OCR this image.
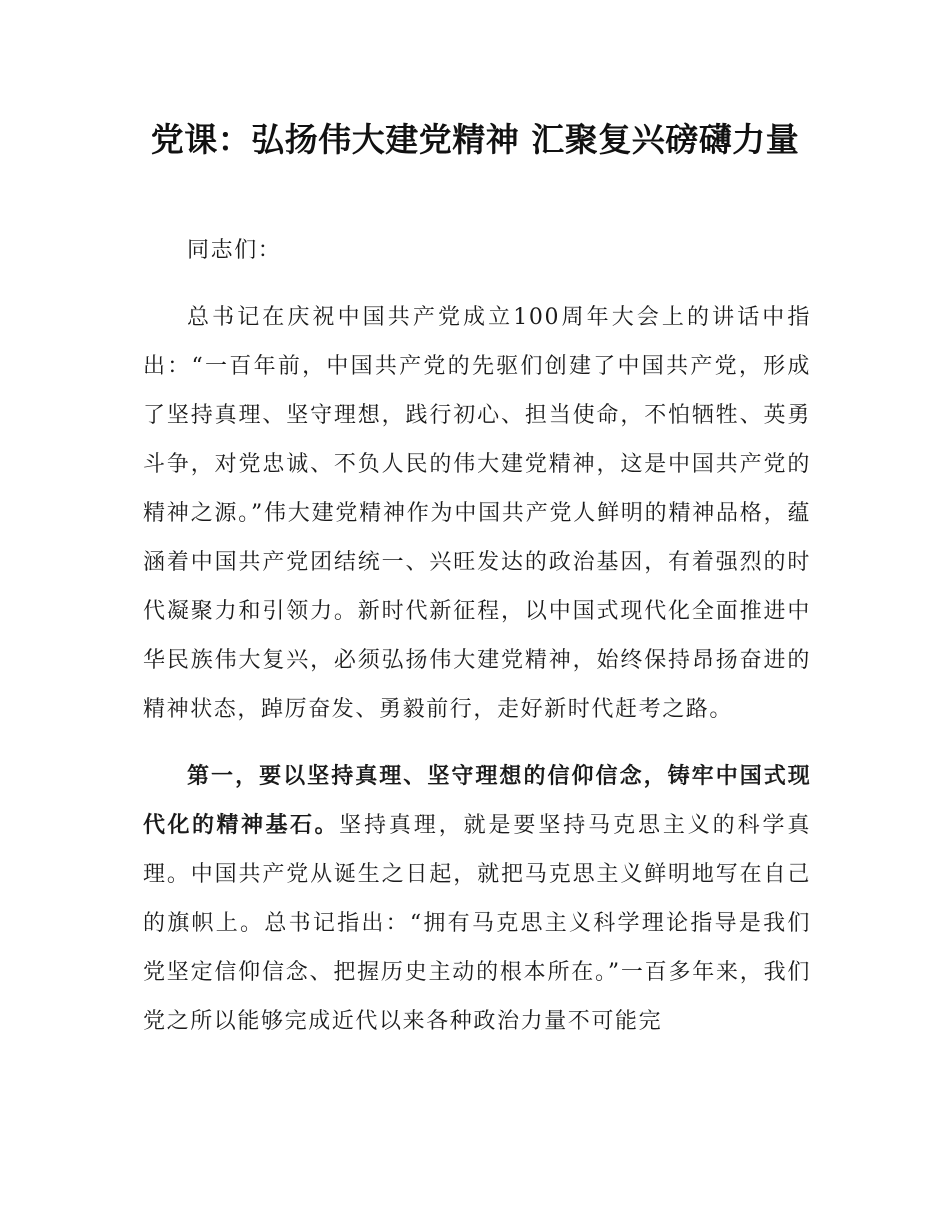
党课：弘扬伟大建党精神 汇聚复兴磅礴力量

同志们：

总书记在庆祝中国共产党成立100周年大会上的讲话中指出：“一百年前，中国共产党的先驱们创建了中国共产党，形成了坚持真理、坚守理想，践行初心、担当使命，不怕牺牲、英勇斗争，对党忠诚、不负人民的伟大建党精神，这是中国共产党的精神之源。”伟大建党精神作为中国共产党人鲜明的精神品格，蕴涵着中国共产党团结统一、兴旺发达的政治基因，有着强烈的时代凝聚力和引领力。新时代新征程，以中国式现代化全面推进中华民族伟大复兴，必须弘扬伟大建党精神，始终保持昂扬奋进的精神状态，踔厉奋发、勇毅前行，走好新时代赶考之路。

第一，要以坚持真理、坚守理想的信仰信念，铸牢中国式现代化的精神基石。坚持真理，就是要坚持马克思主义的科学真理。中国共产党从诞生之日起，就把马克思主义鲜明地写在自己的旗帜上。总书记指出：“拥有马克思主义科学理论指导是我们党坚定信仰信念、把握历史主动的根本所在。”一百多年来，我们党之所以能够完成近代以来各种政治力量不可能完
